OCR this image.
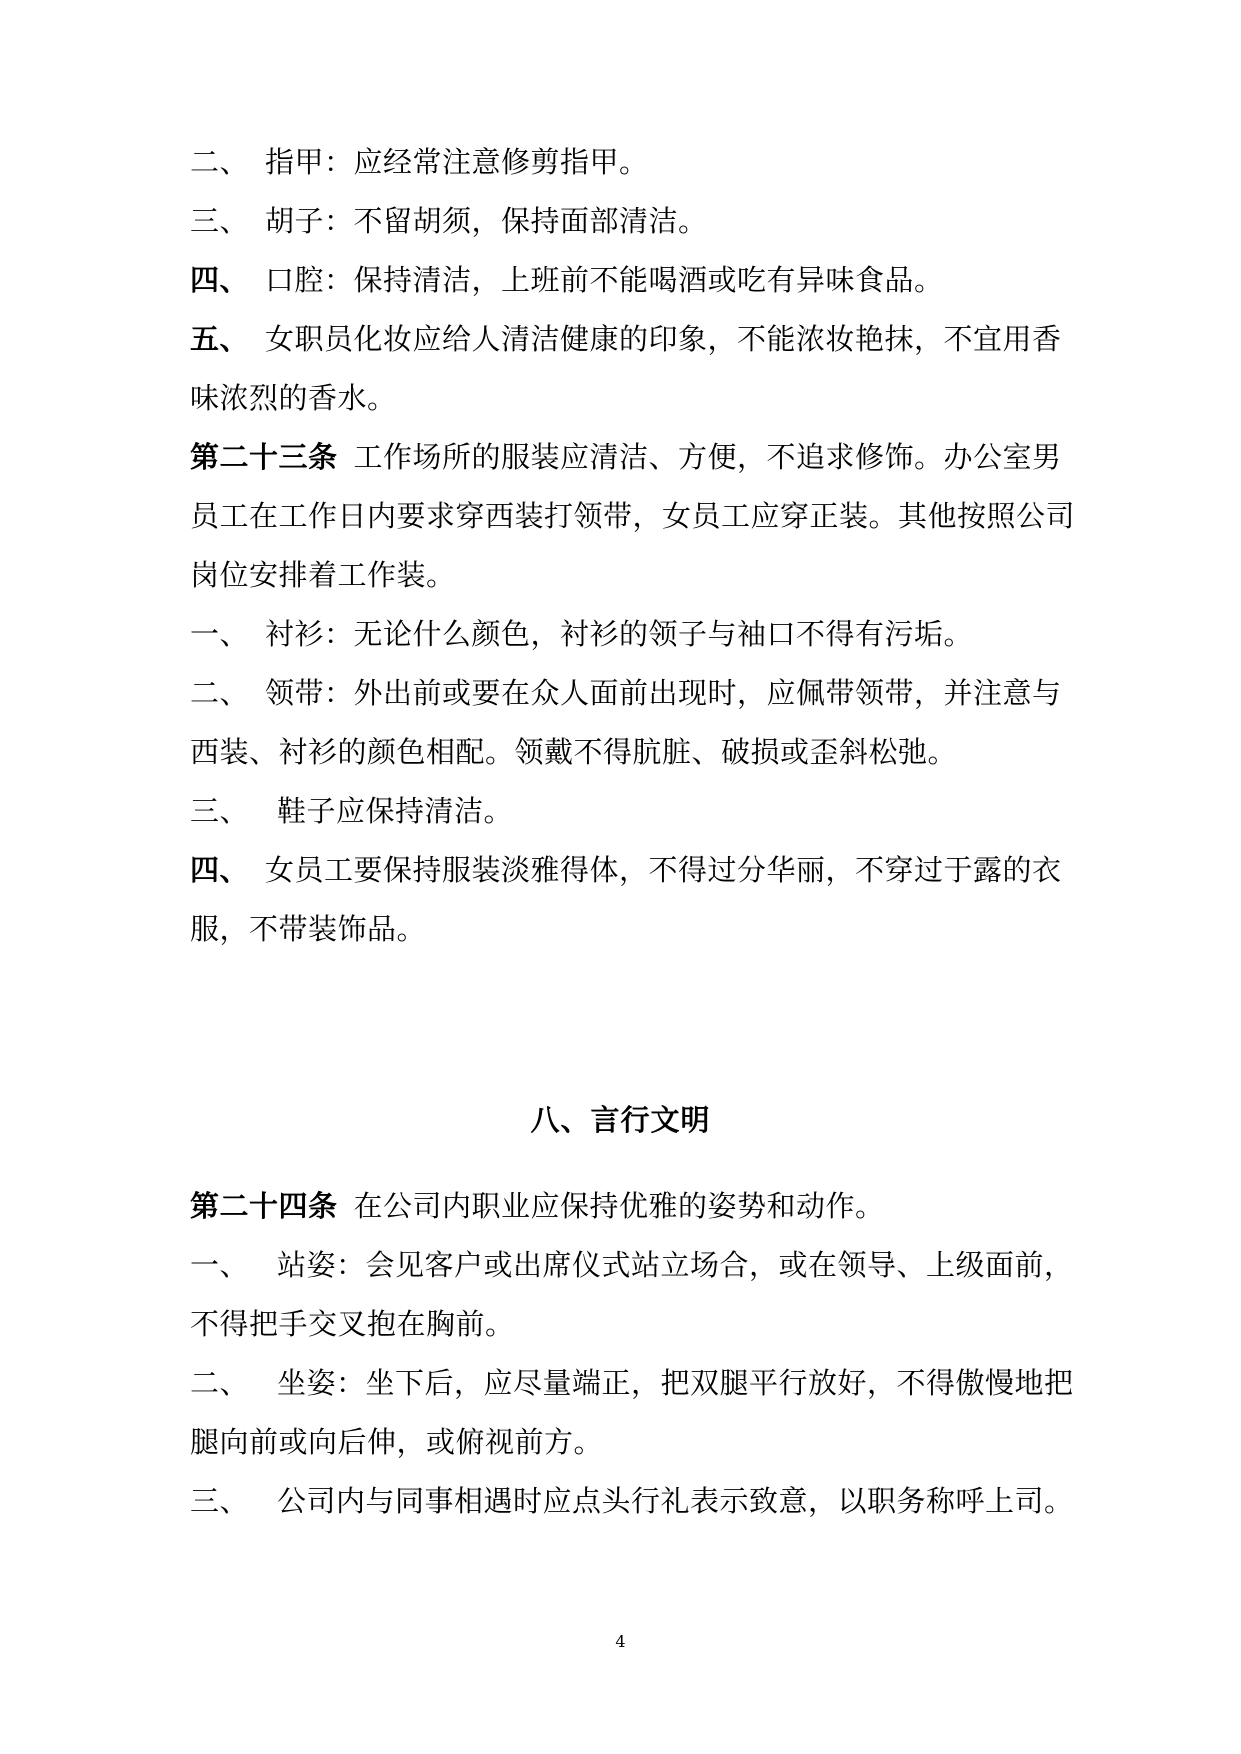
二、 指甲：应经常注意修剪指甲。
三、 胡子：不留胡须，保持面部清洁。
四、 口腔：保持清洁，上班前不能喝酒或吃有异味食品。
五、 女职员化妆应给人清洁健康的印象，不能浓妆艳抹，不宜用香
味浓烈的香水。
第二十三条 工作场所的服装应清洁、方便，不追求修饰。办公室男
员工在工作日内要求穿西装打领带，女员工应穿正装。其他按照公司
岗位安排着工作装。
一、 衬衫：无论什么颜色，衬衫的领子与袖口不得有污垢。
二、 领带：外出前或要在众人面前出现时，应佩带领带，并注意与
西装、衬衫的颜色相配。领戴不得肮脏、破损或歪斜松弛。
三、 鞋子应保持清洁。
四、 女员工要保持服装淡雅得体，不得过分华丽，不穿过于露的衣
服，不带装饰品。
八、言行文明
第二十四条 在公司内职业应保持优雅的姿势和动作。
一、 站姿：会见客户或出席仪式站立场合，或在领导、上级面前，
不得把手交叉抱在胸前。
二、 坐姿：坐下后，应尽量端正，把双腿平行放好，不得傲慢地把
腿向前或向后伸，或俯视前方。
三、 公司内与同事相遇时应点头行礼表示致意，以职务称呼上司。
4
